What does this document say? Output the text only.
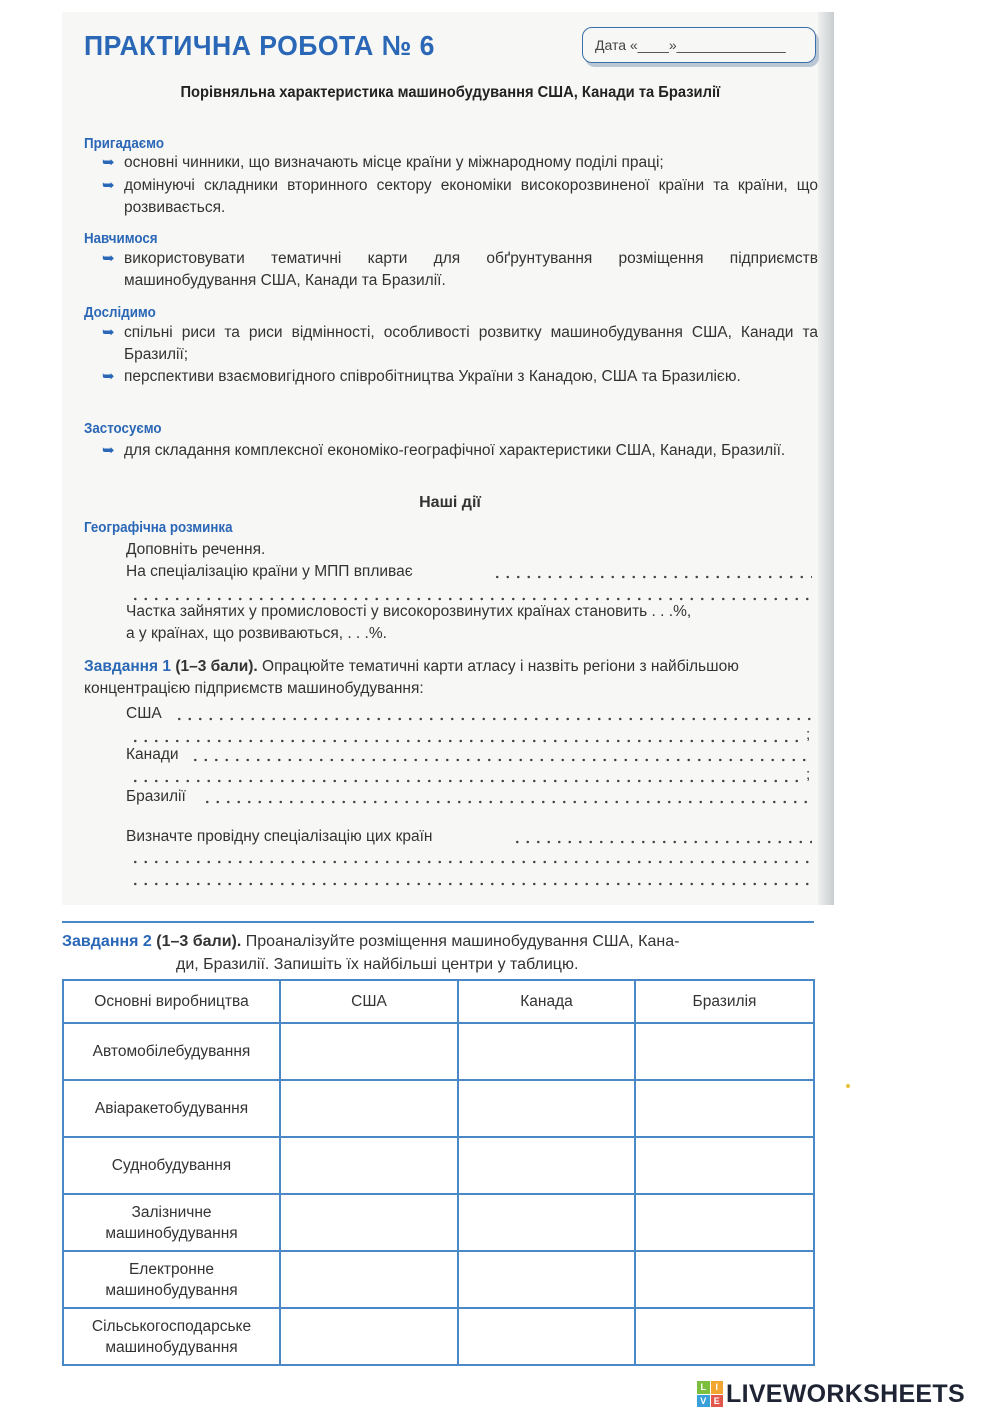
ПРАКТИЧНА РОБОТА № 6	Дата «____»______________
Порівняльна характеристика машинобудування США, Канади та Бразилії
Пригадаємо
➥ основні чинники, що визначають місце країни у міжнародному поділі праці;
➥ домінуючі складники вторинного сектору економіки високорозвиненої країни та країни, що розвивається.
Навчимося
➥ використовувати тематичні карти для обґрунтування розміщення підприємств машинобудування США, Канади та Бразилії.
Дослідимо
➥ спільні риси та риси відмінності, особливості розвитку машинобудування США, Канади та Бразилії;
➥ перспективи взаємовигідного співробітництва України з Канадою, США та Бразилією.
Застосуємо
➥ для складання комплексної економіко-географічної характеристики США, Канади, Бразилії.
Наші дії
Географічна розминка
Доповніть речення.
На спеціалізацію країни у МПП впливає
Частка зайнятих у промисловості у високорозвинутих країнах становить . . .%,
а у країнах, що розвиваються, . . .%.
Завдання 1 (1–3 бали). Опрацюйте тематичні карти атласу і назвіть регіони з найбільшою концентрацією підприємств машинобудування:
США
;
Канади
;
Бразилії
Визначте провідну спеціалізацію цих країн
Завдання 2 (1–3 бали). Проаналізуйте розміщення машинобудування США, Кана-
ди, Бразилії. Запишіть їх найбільші центри у таблицю.
Основні виробництва	США	Канада	Бразилія
Автомобілебудування			
Авіаракетобудування			
Суднобудування			
Залізничне машинобудування			
Електронне машинобудування			
Сільськогосподарське машинобудування			
L	I
V E LIVEWORKSHEETS
